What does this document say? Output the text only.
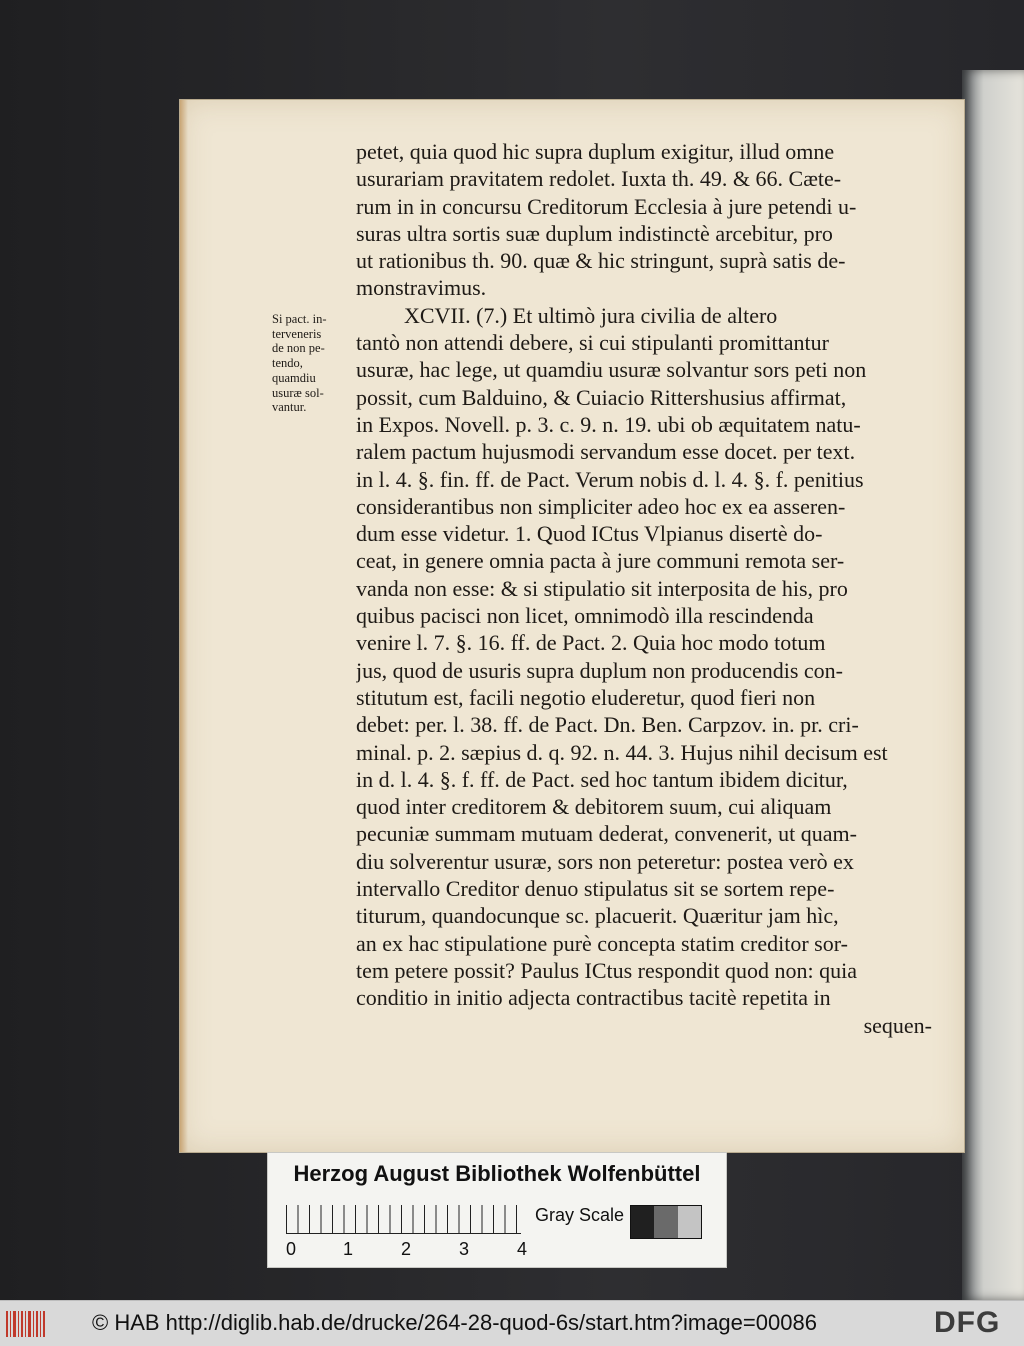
Si pact. in-
terveneris
de non pe-
tendo,
quamdiu
usuræ sol-
vantur.
petet, quia quod hic supra duplum exigitur, illud omne
usurariam pravitatem redolet. Iuxta th. 49. & 66. Cæte-
rum in in concursu Creditorum Ecclesia à jure petendi u-
suras ultra sortis suæ duplum indistinctè arcebitur, pro
ut rationibus th. 90. quæ & hic stringunt, suprà satis de-
monstravimus.
XCVII. (7.) Et ultimò jura civilia de altero
tantò non attendi debere, si cui stipulanti promittantur
usuræ, hac lege, ut quamdiu usuræ solvantur sors peti non
possit, cum Balduino, & Cuiacio Rittershusius affirmat,
in Expos. Novell. p. 3. c. 9. n. 19. ubi ob æquitatem natu-
ralem pactum hujusmodi servandum esse docet. per text.
in l. 4. §. fin. ff. de Pact. Verum nobis d. l. 4. §. f. penitius
considerantibus non simpliciter adeo hoc ex ea asseren-
dum esse videtur. 1. Quod ICtus Vlpianus disertè do-
ceat, in genere omnia pacta à jure communi remota ser-
vanda non esse: & si stipulatio sit interposita de his, pro
quibus pacisci non licet, omnimodò illa rescindenda
venire l. 7. §. 16. ff. de Pact. 2. Quia hoc modo totum
jus, quod de usuris supra duplum non producendis con-
stitutum est, facili negotio eluderetur, quod fieri non
debet: per. l. 38. ff. de Pact. Dn. Ben. Carpzov. in. pr. cri-
minal. p. 2. sæpius d. q. 92. n. 44. 3. Hujus nihil decisum est
in d. l. 4. §. f. ff. de Pact. sed hoc tantum ibidem dicitur,
quod inter creditorem & debitorem suum, cui aliquam
pecuniæ summam mutuam dederat, convenerit, ut quam-
diu solverentur usuræ, sors non peteretur: postea verò ex
intervallo Creditor denuo stipulatus sit se sortem repe-
titurum, quandocunque sc. placuerit. Quæritur jam hìc,
an ex hac stipulatione purè concepta statim creditor sor-
tem petere possit? Paulus ICtus respondit quod non: quia
conditio in initio adjecta contractibus tacitè repetita in
sequen-
Herzog August Bibliothek Wolfenbüttel
0	1	2	3	4
Gray Scale
© HAB http://diglib.hab.de/drucke/264-28-quod-6s/start.htm?image=00086	DFG
